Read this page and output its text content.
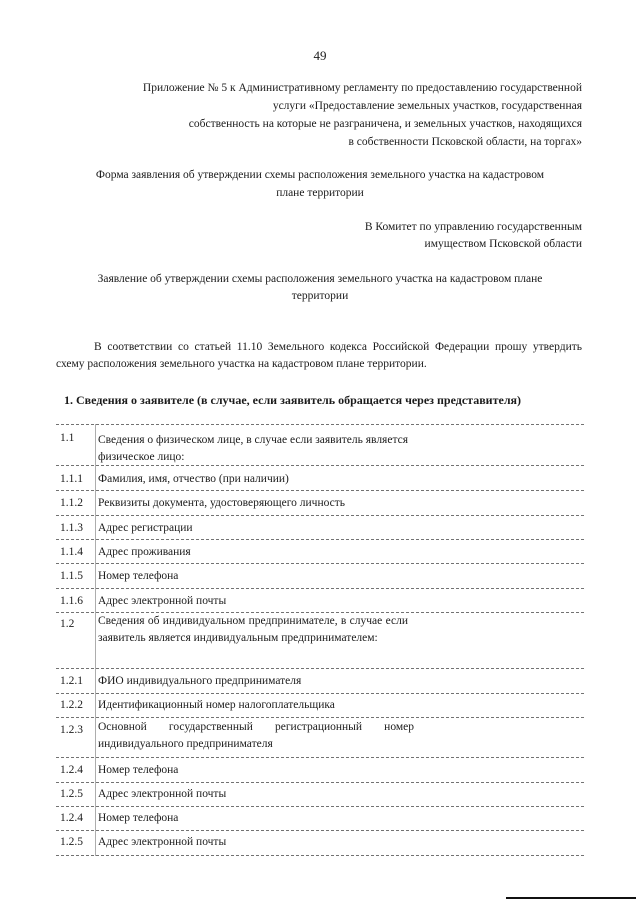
49
Приложение № 5 к Административному регламенту по предоставлению государственной
услуги «Предоставление земельных участков, государственная
собственность на которые не разграничена, и земельных участков, находящихся
в собственности Псковской области, на торгах»
Форма заявления об утверждении схемы расположения земельного участка на кадастровом
плане территории
В Комитет по управлению государственным
имуществом Псковской области
Заявление об утверждении схемы расположения земельного участка на кадастровом плане
территории
В соответствии со статьей 11.10 Земельного кодекса Российской Федерации прошу утвердить схему расположения земельного участка на кадастровом плане территории.
1. Сведения о заявителе (в случае, если заявитель обращается через представителя)
1.1 Сведения о физическом лице, в случае если заявитель является физическое лицо:
1.1.1 Фамилия, имя, отчество (при наличии)
1.1.2 Реквизиты документа, удостоверяющего личность
1.1.3 Адрес регистрации
1.1.4 Адрес проживания
1.1.5 Номер телефона
1.1.6 Адрес электронной почты
1.2 Сведения об индивидуальном предпринимателе, в случае если заявитель является индивидуальным предпринимателем:
1.2.1 ФИО индивидуального предпринимателя
1.2.2 Идентификационный номер налогоплательщика
1.2.3 Основной государственный регистрационный номер индивидуального предпринимателя
1.2.4 Номер телефона
1.2.5 Адрес электронной почты
1.2.4 Номер телефона
1.2.5 Адрес электронной почты
